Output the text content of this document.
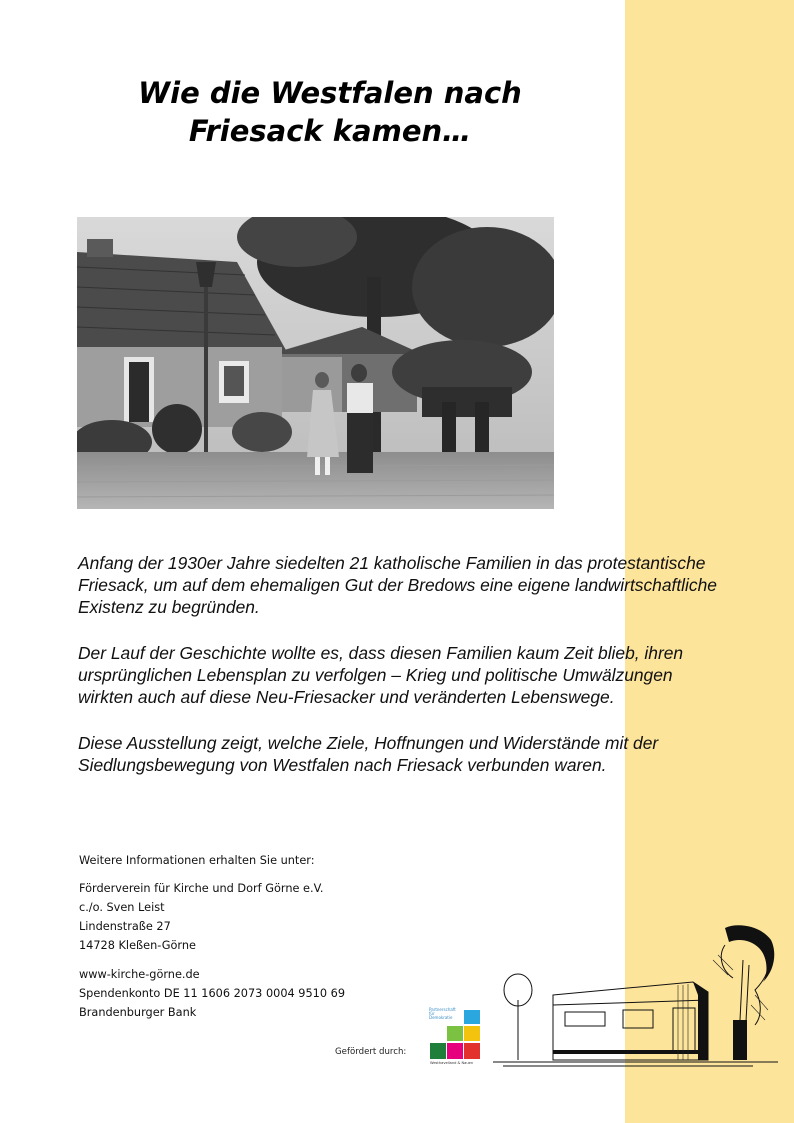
Wie die Westfalen nach
Friesack kamen…

Anfang der 1930er Jahre siedelten 21 katholische Familien in das protestantische Friesack, um auf dem ehemaligen Gut der Bredows eine eigene landwirtschaftliche Existenz zu begründen.

Der Lauf der Geschichte wollte es, dass diesen Familien kaum Zeit blieb, ihren ursprünglichen Lebensplan zu verfolgen – Krieg und politische Umwälzungen wirkten auch auf diese Neu-Friesacker und veränderten Lebenswege.

Diese Ausstellung zeigt, welche Ziele, Hoffnungen und Widerstände mit der Siedlungsbewegung von Westfalen nach Friesack verbunden waren.

Weitere Informationen erhalten Sie unter:
Förderverein für Kirche und Dorf Görne e.V.
c./o. Sven Leist
Lindenstraße 27
14728 Kleßen-Görne
www-kirche-görne.de
Spendenkonto DE 11 1606 2073 0004 9510 69
Brandenburger Bank
Gefördert durch:
Partnerschaft für Demokratie
Westhavelland & Nauen
